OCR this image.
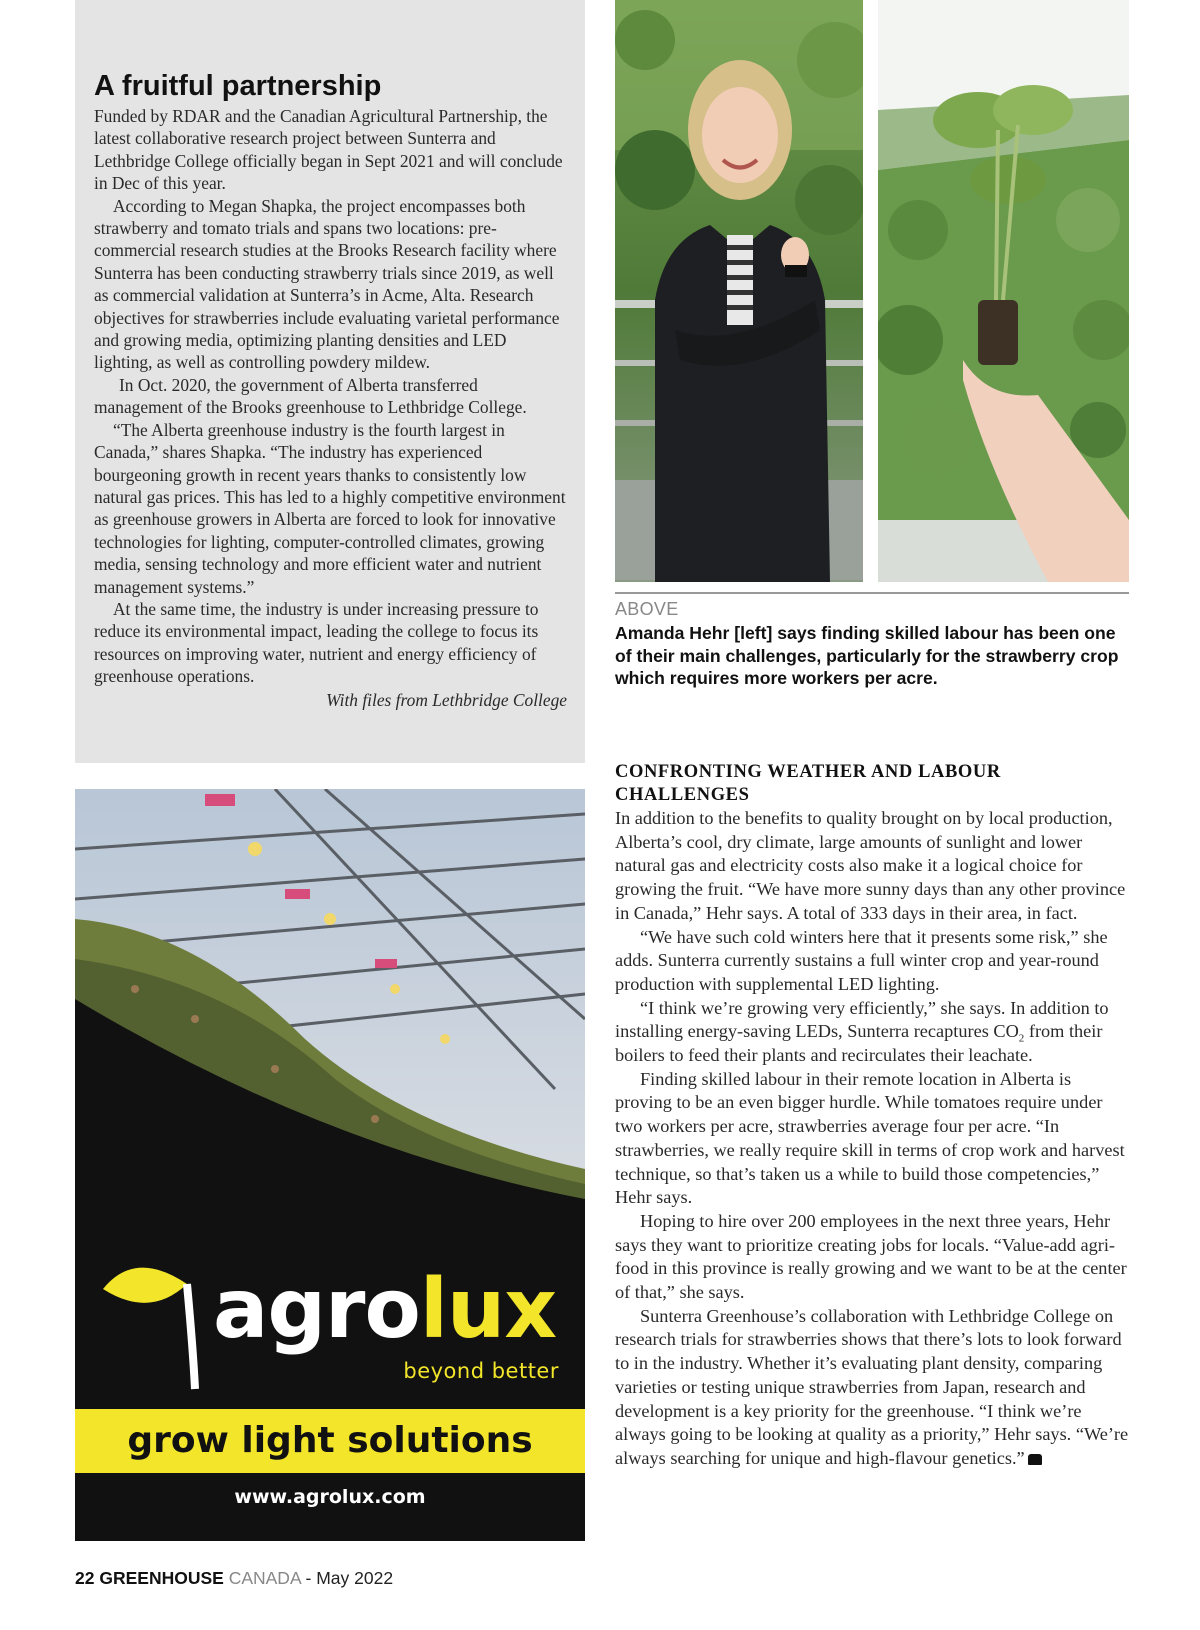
A fruitful partnership

Funded by RDAR and the Canadian Agricultural Partnership, the latest collaborative research project between Sunterra and Lethbridge College officially began in Sept 2021 and will conclude in Dec of this year.

According to Megan Shapka, the project encompasses both strawberry and tomato trials and spans two locations: pre-commercial research studies at the Brooks Research facility where Sunterra has been conducting strawberry trials since 2019, as well as commercial validation at Sunterra’s in Acme, Alta. Research objectives for strawberries include evaluating varietal performance and growing media, optimizing planting densities and LED lighting, as well as controlling powdery mildew.

In Oct. 2020, the government of Alberta transferred management of the Brooks greenhouse to Lethbridge College.

“The Alberta greenhouse industry is the fourth largest in Canada,” shares Shapka. “The industry has experienced bourgeoning growth in recent years thanks to consistently low natural gas prices. This has led to a highly competitive environment as greenhouse growers in Alberta are forced to look for innovative technologies for lighting, computer-controlled climates, growing media, sensing technology and more efficient water and nutrient management systems.”

At the same time, the industry is under increasing pressure to reduce its environmental impact, leading the college to focus its resources on improving water, nutrient and energy efficiency of greenhouse operations.

With files from Lethbridge College

ABOVE
Amanda Hehr [left] says finding skilled labour has been one of their main challenges, particularly for the strawberry crop which requires more workers per acre.
agrolux
beyond better
grow light solutions
www.agrolux.com
CONFRONTING WEATHER AND LABOUR CHALLENGES

In addition to the benefits to quality brought on by local production, Alberta’s cool, dry climate, large amounts of sunlight and lower natural gas and electricity costs also make it a logical choice for growing the fruit. “We have more sunny days than any other province in Canada,” Hehr says. A total of 333 days in their area, in fact.

“We have such cold winters here that it presents some risk,” she adds. Sunterra currently sustains a full winter crop and year-round production with supplemental LED lighting.

“I think we’re growing very efficiently,” she says. In addition to installing energy-saving LEDs, Sunterra recaptures $CO_2$ from their boilers to feed their plants and recirculates their leachate.

Finding skilled labour in their remote location in Alberta is proving to be an even bigger hurdle. While tomatoes require under two workers per acre, strawberries average four per acre. “In strawberries, we really require skill in terms of crop work and harvest technique, so that’s taken us a while to build those competencies,” Hehr says.

Hoping to hire over 200 employees in the next three years, Hehr says they want to prioritize creating jobs for locals. “Value-add agri-food in this province is really growing and we want to be at the center of that,” she says.

Sunterra Greenhouse’s collaboration with Lethbridge College on research trials for strawberries shows that there’s lots to look forward to in the industry. Whether it’s evaluating plant density, comparing varieties or testing unique strawberries from Japan, research and development is a key priority for the greenhouse. “I think we’re always going to be looking at quality as a priority,” Hehr says. “We’re always searching for unique and high-flavour genetics.”

22 GREENHOUSE CANADA - May 2022
